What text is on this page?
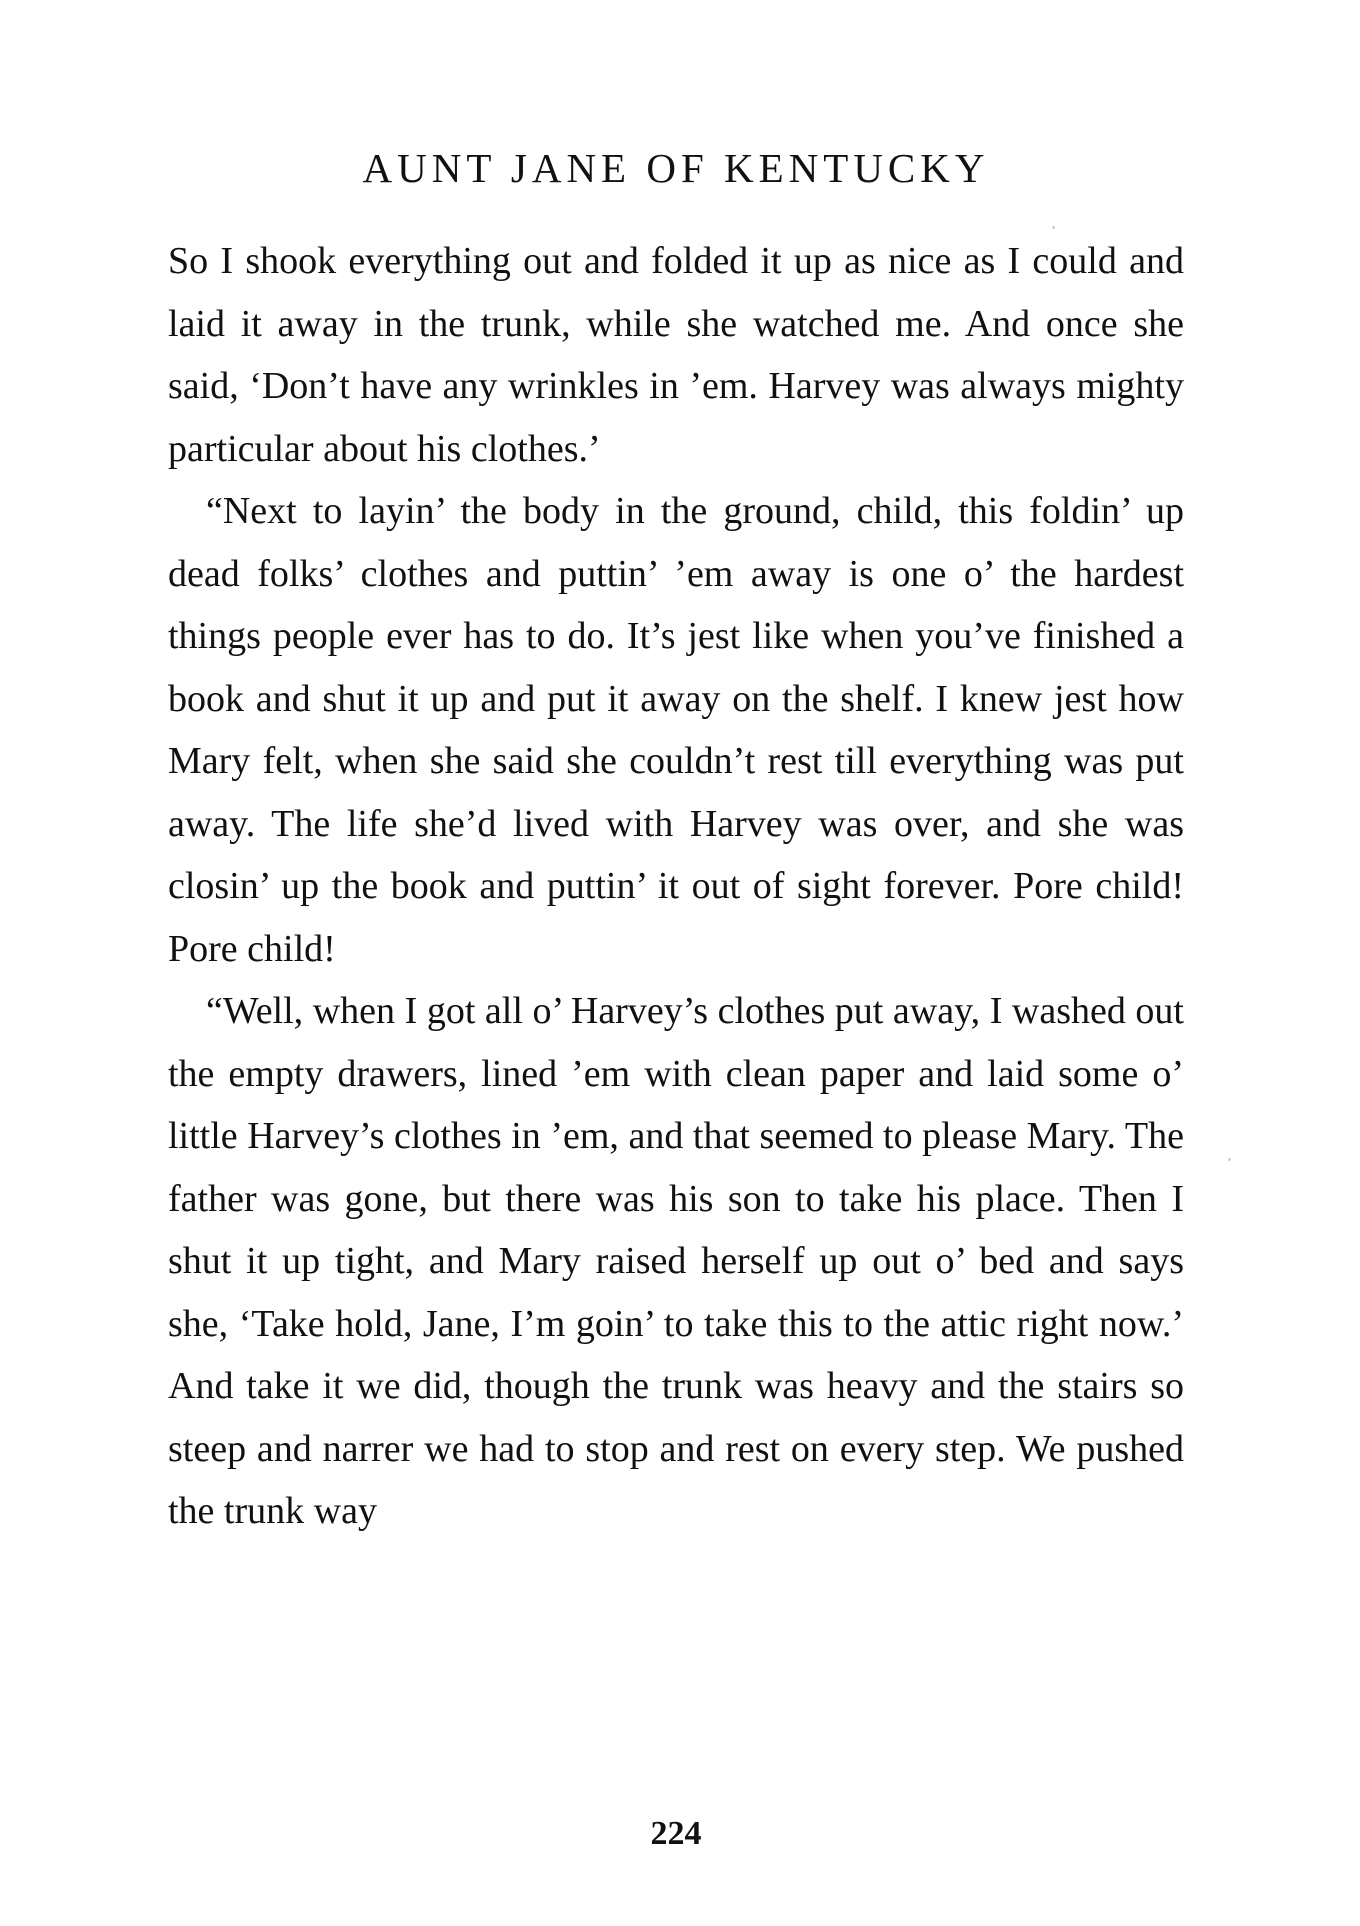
AUNT JANE OF KENTUCKY

So I shook everything out and folded it up as nice as I could and laid it away in the trunk, while she watched me. And once she said, ‘Don’t have any wrinkles in ’em. Harvey was always mighty particular about his clothes.’

“Next to layin’ the body in the ground, child, this foldin’ up dead folks’ clothes and puttin’ ’em away is one o’ the hardest things people ever has to do. It’s jest like when you’ve finished a book and shut it up and put it away on the shelf. I knew jest how Mary felt, when she said she couldn’t rest till everything was put away. The life she’d lived with Harvey was over, and she was closin’ up the book and puttin’ it out of sight forever. Pore child! Pore child!

“Well, when I got all o’ Harvey’s clothes put away, I washed out the empty drawers, lined ’em with clean paper and laid some o’ little Harvey’s clothes in ’em, and that seemed to please Mary. The father was gone, but there was his son to take his place. Then I shut it up tight, and Mary raised herself up out o’ bed and says she, ‘Take hold, Jane, I’m goin’ to take this to the attic right now.’ And take it we did, though the trunk was heavy and the stairs so steep and narrer we had to stop and rest on every step. We pushed the trunk way

224
